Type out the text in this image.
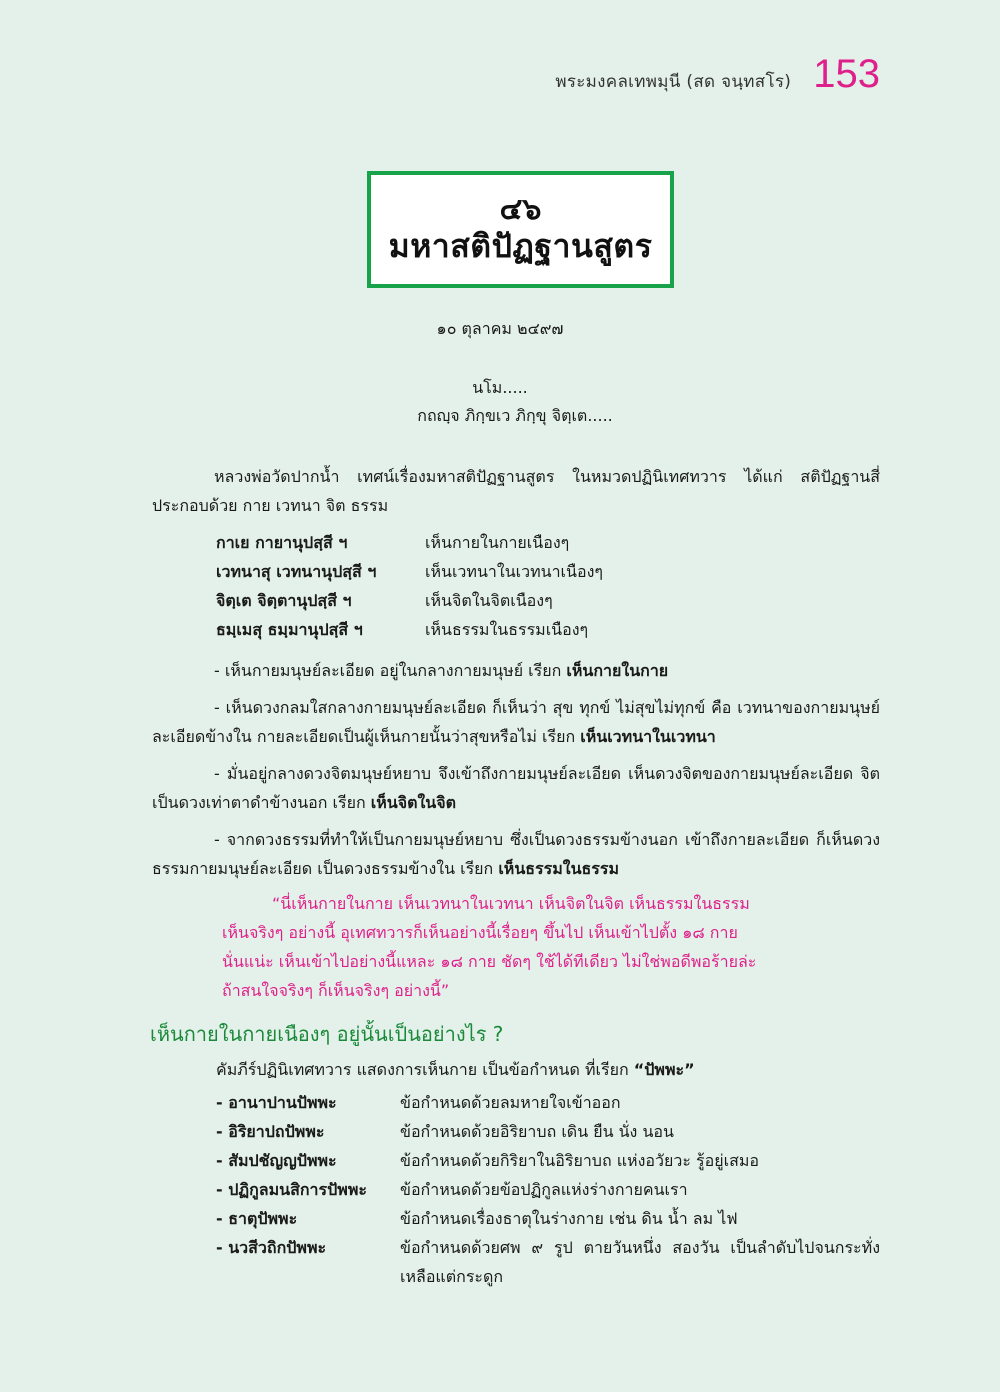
พระมงคลเทพมุนี (สด จนฺทสโร) 153
๔๖
มหาสติปัฏฐานสูตร
๑๐ ตุลาคม ๒๔๙๗
นโม.....
กถญฺจ ภิกฺขเว ภิกฺขุ จิตฺเต.....

หลวงพ่อวัดปากน้ำ เทศน์เรื่องมหาสติปัฏฐานสูตร ในหมวดปฏินิเทศทวาร ได้แก่ สติปัฏฐานสี่ ประกอบด้วย กาย เวทนา จิต ธรรม

กาเย กายานุปสฺสี ฯ	เห็นกายในกายเนืองๆ
เวทนาสุ เวทนานุปสฺสี ฯ	เห็นเวทนาในเวทนาเนืองๆ
จิตฺเต จิตฺตานุปสฺสี ฯ	เห็นจิตในจิตเนืองๆ
ธมฺเมสุ ธมฺมานุปสฺสี ฯ	เห็นธรรมในธรรมเนืองๆ

- เห็นกายมนุษย์ละเอียด อยู่ในกลางกายมนุษย์ เรียก เห็นกายในกาย

- เห็นดวงกลมใสกลางกายมนุษย์ละเอียด ก็เห็นว่า สุข ทุกข์ ไม่สุขไม่ทุกข์ คือ เวทนาของกายมนุษย์ละเอียดข้างใน กายละเอียดเป็นผู้เห็นกายนั้นว่าสุขหรือไม่ เรียก เห็นเวทนาในเวทนา

- มั่นอยู่กลางดวงจิตมนุษย์หยาบ จึงเข้าถึงกายมนุษย์ละเอียด เห็นดวงจิตของกายมนุษย์ละเอียด จิตเป็นดวงเท่าตาดำข้างนอก เรียก เห็นจิตในจิต

- จากดวงธรรมที่ทำให้เป็นกายมนุษย์หยาบ ซึ่งเป็นดวงธรรมข้างนอก เข้าถึงกายละเอียด ก็เห็นดวงธรรมกายมนุษย์ละเอียด เป็นดวงธรรมข้างใน เรียก เห็นธรรมในธรรม

“นี่เห็นกายในกาย เห็นเวทนาในเวทนา เห็นจิตในจิต เห็นธรรมในธรรม
เห็นจริงๆ อย่างนี้ อุเทศทวารก็เห็นอย่างนี้เรื่อยๆ ขึ้นไป เห็นเข้าไปตั้ง ๑๘ กาย
นั่นแน่ะ เห็นเข้าไปอย่างนี้แหละ ๑๘ กาย ชัดๆ ใช้ได้ทีเดียว ไม่ใช่พอดีพอร้ายล่ะ
ถ้าสนใจจริงๆ ก็เห็นจริงๆ อย่างนี้”
เห็นกายในกายเนืองๆ อยู่นั้นเป็นอย่างไร ?
คัมภีร์ปฏินิเทศทวาร แสดงการเห็นกาย เป็นข้อกำหนด ที่เรียก “ปัพพะ”
- อานาปานปัพพะ	ข้อกำหนดด้วยลมหายใจเข้าออก
- อิริยาปถปัพพะ	ข้อกำหนดด้วยอิริยาบถ เดิน ยืน นั่ง นอน
- สัมปชัญญปัพพะ	ข้อกำหนดด้วยกิริยาในอิริยาบถ แห่งอวัยวะ รู้อยู่เสมอ
- ปฏิกูลมนสิการปัพพะ	ข้อกำหนดด้วยข้อปฏิกูลแห่งร่างกายคนเรา
- ธาตุปัพพะ	ข้อกำหนดเรื่องธาตุในร่างกาย เช่น ดิน น้ำ ลม ไฟ
- นวสีวถิกปัพพะ	ข้อกำหนดด้วยศพ ๙ รูป ตายวันหนึ่ง สองวัน เป็นลำดับไปจนกระทั่งเหลือแต่กระดูก
